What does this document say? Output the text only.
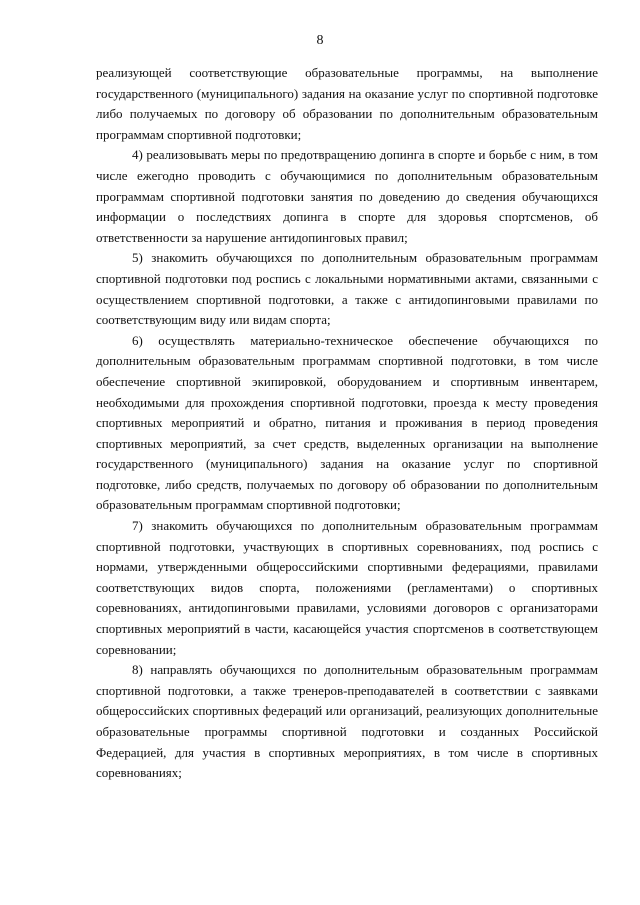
8

реализующей соответствующие образовательные программы, на выполнение государственного (муниципального) задания на оказание услуг по спортивной подготовке либо получаемых по договору об образовании по дополнительным образовательным программам спортивной подготовки;

4) реализовывать меры по предотвращению допинга в спорте и борьбе с ним, в том числе ежегодно проводить с обучающимися по дополнительным образовательным программам спортивной подготовки занятия по доведению до сведения обучающихся информации о последствиях допинга в спорте для здоровья спортсменов, об ответственности за нарушение антидопинговых правил;

5) знакомить обучающихся по дополнительным образовательным программам спортивной подготовки под роспись с локальными нормативными актами, связанными с осуществлением спортивной подготовки, а также с антидопинговыми правилами по соответствующим виду или видам спорта;

6) осуществлять материально-техническое обеспечение обучающихся по дополнительным образовательным программам спортивной подготовки, в том числе обеспечение спортивной экипировкой, оборудованием и спортивным инвентарем, необходимыми для прохождения спортивной подготовки, проезда к месту проведения спортивных мероприятий и обратно, питания и проживания в период проведения спортивных мероприятий, за счет средств, выделенных организации на выполнение государственного (муниципального) задания на оказание услуг по спортивной подготовке, либо средств, получаемых по договору об образовании по дополнительным образовательным программам спортивной подготовки;

7) знакомить обучающихся по дополнительным образовательным программам спортивной подготовки, участвующих в спортивных соревнованиях, под роспись с нормами, утвержденными общероссийскими спортивными федерациями, правилами соответствующих видов спорта, положениями (регламентами) о спортивных соревнованиях, антидопинговыми правилами, условиями договоров с организаторами спортивных мероприятий в части, касающейся участия спортсменов в соответствующем соревновании;

8) направлять обучающихся по дополнительным образовательным программам спортивной подготовки, а также тренеров-преподавателей в соответствии с заявками общероссийских спортивных федераций или организаций, реализующих дополнительные образовательные программы спортивной подготовки и созданных Российской Федерацией, для участия в спортивных мероприятиях, в том числе в спортивных соревнованиях;
